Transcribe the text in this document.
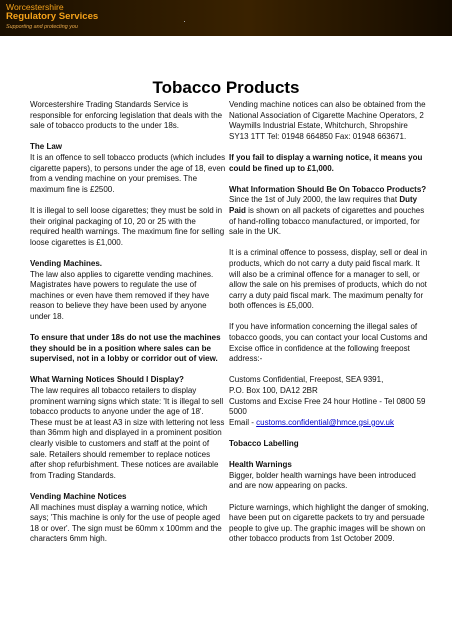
Worcestershire
Regulatory Services
Supporting and protecting you
Tobacco Products

Worcestershire Trading Standards Service is responsible for enforcing legislation that deals with the sale of tobacco products to the under 18s.

The Law

It is an offence to sell tobacco products (which includes cigarette papers), to persons under the age of 18, even from a vending machine on your premises. The maximum fine is £2500.

It is illegal to sell loose cigarettes; they must be sold in their original packaging of 10, 20 or 25 with the required health warnings. The maximum fine for selling loose cigarettes is £1,000.

Vending Machines.

The law also applies to cigarette vending machines. Magistrates have powers to regulate the use of machines or even have them removed if they have reason to believe they have been used by anyone under 18.

To ensure that under 18s do not use the machines they should be in a position where sales can be supervised, not in a lobby or corridor out of view.

What Warning Notices Should I Display?

The law requires all tobacco retailers to display prominent warning signs which state: 'It is illegal to sell tobacco products to anyone under the age of 18'. These must be at least A3 in size with lettering not less than 36mm high and displayed in a prominent position clearly visible to customers and staff at the point of sale. Retailers should remember to replace notices after shop refurbishment. These notices are available from Trading Standards.

Vending Machine Notices

All machines must display a warning notice, which says; 'This machine is only for the use of people aged 18 or over'. The sign must be 60mm x 100mm and the characters 6mm high.

Vending machine notices can also be obtained from the National Association of Cigarette Machine Operators, 2 Waymills Industrial Estate, Whitchurch, Shropshire SY13 1TT Tel: 01948 664850 Fax: 01948 663671.

If you fail to display a warning notice, it means you could be fined up to £1,000.

What Information Should Be On Tobacco Products?

Since the 1st of July 2000, the law requires that Duty Paid is shown on all packets of cigarettes and pouches of hand-rolling tobacco manufactured, or imported, for sale in the UK.

It is a criminal offence to possess, display, sell or deal in products, which do not carry a duty paid fiscal mark. It will also be a criminal offence for a manager to sell, or allow the sale on his premises of products, which do not carry a duty paid fiscal mark. The maximum penalty for both offences is £5,000.

If you have information concerning the illegal sales of tobacco goods, you can contact your local Customs and Excise office in confidence at the following freepost address:-

Customs Confidential, Freepost, SEA 9391,
P.O. Box 100, DA12 2BR
Customs and Excise Free 24 hour Hotline - Tel 0800 59 5000
Email - customs.confidential@hmce.gsi.gov.uk

Tobacco Labelling

Health Warnings

Bigger, bolder health warnings have been introduced and are now appearing on packs.

Picture warnings, which highlight the danger of smoking, have been put on cigarette packets to try and persuade people to give up. The graphic images will be shown on other tobacco products from 1st October 2009.
